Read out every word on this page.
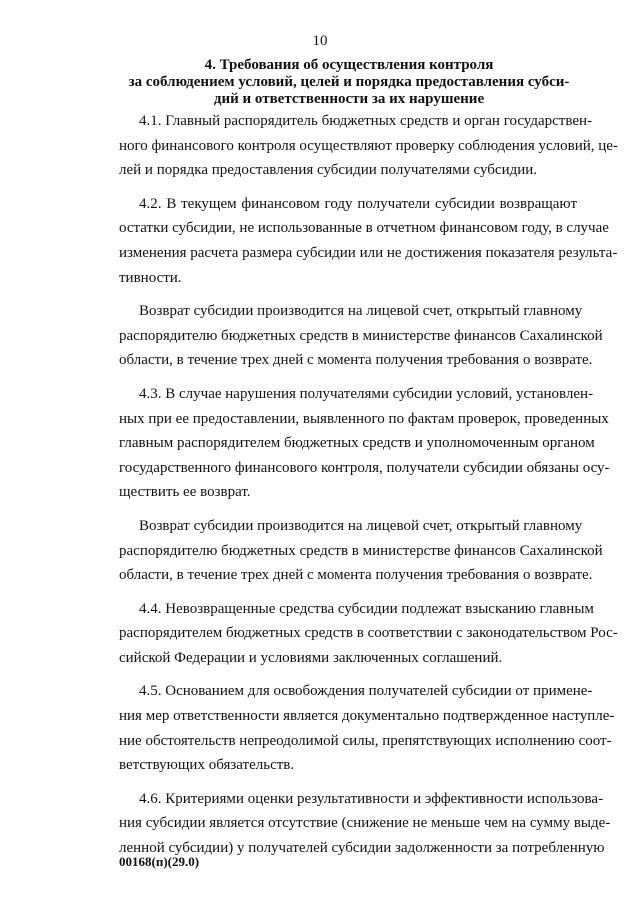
10
4. Требования об осуществления контроля
за соблюдением условий, целей и порядка предоставления субси-
дий и ответственности за их нарушение
4.1. Главный распорядитель бюджетных средств и орган государствен-
ного финансового контроля осуществляют проверку соблюдения условий, це-
лей и порядка предоставления субсидии получателями субсидии.
4.2. В текущем финансовом году получатели субсидии возвращают
остатки субсидии, не использованные в отчетном финансовом году, в случае
изменения расчета размера субсидии или не достижения показателя результа-
тивности.
Возврат субсидии производится на лицевой счет, открытый главному
распорядителю бюджетных средств в министерстве финансов Сахалинской
области, в течение трех дней с момента получения требования о возврате.
4.3. В случае нарушения получателями субсидии условий, установлен-
ных при ее предоставлении, выявленного по фактам проверок, проведенных
главным распорядителем бюджетных средств и уполномоченным органом
государственного финансового контроля, получатели субсидии обязаны осу-
ществить ее возврат.
Возврат субсидии производится на лицевой счет, открытый главному
распорядителю бюджетных средств в министерстве финансов Сахалинской
области, в течение трех дней с момента получения требования о возврате.
4.4. Невозвращенные средства субсидии подлежат взысканию главным
распорядителем бюджетных средств в соответствии с законодательством Рос-
сийской Федерации и условиями заключенных соглашений.
4.5. Основанием для освобождения получателей субсидии от примене-
ния мер ответственности является документально подтвержденное наступле-
ние обстоятельств непреодолимой силы, препятствующих исполнению соот-
ветствующих обязательств.
4.6. Критериями оценки результативности и эффективности использова-
ния субсидии является отсутствие (снижение не меньше чем на сумму выде-
ленной субсидии) у получателей субсидии задолженности за потребленную
00168(п)(29.0)
